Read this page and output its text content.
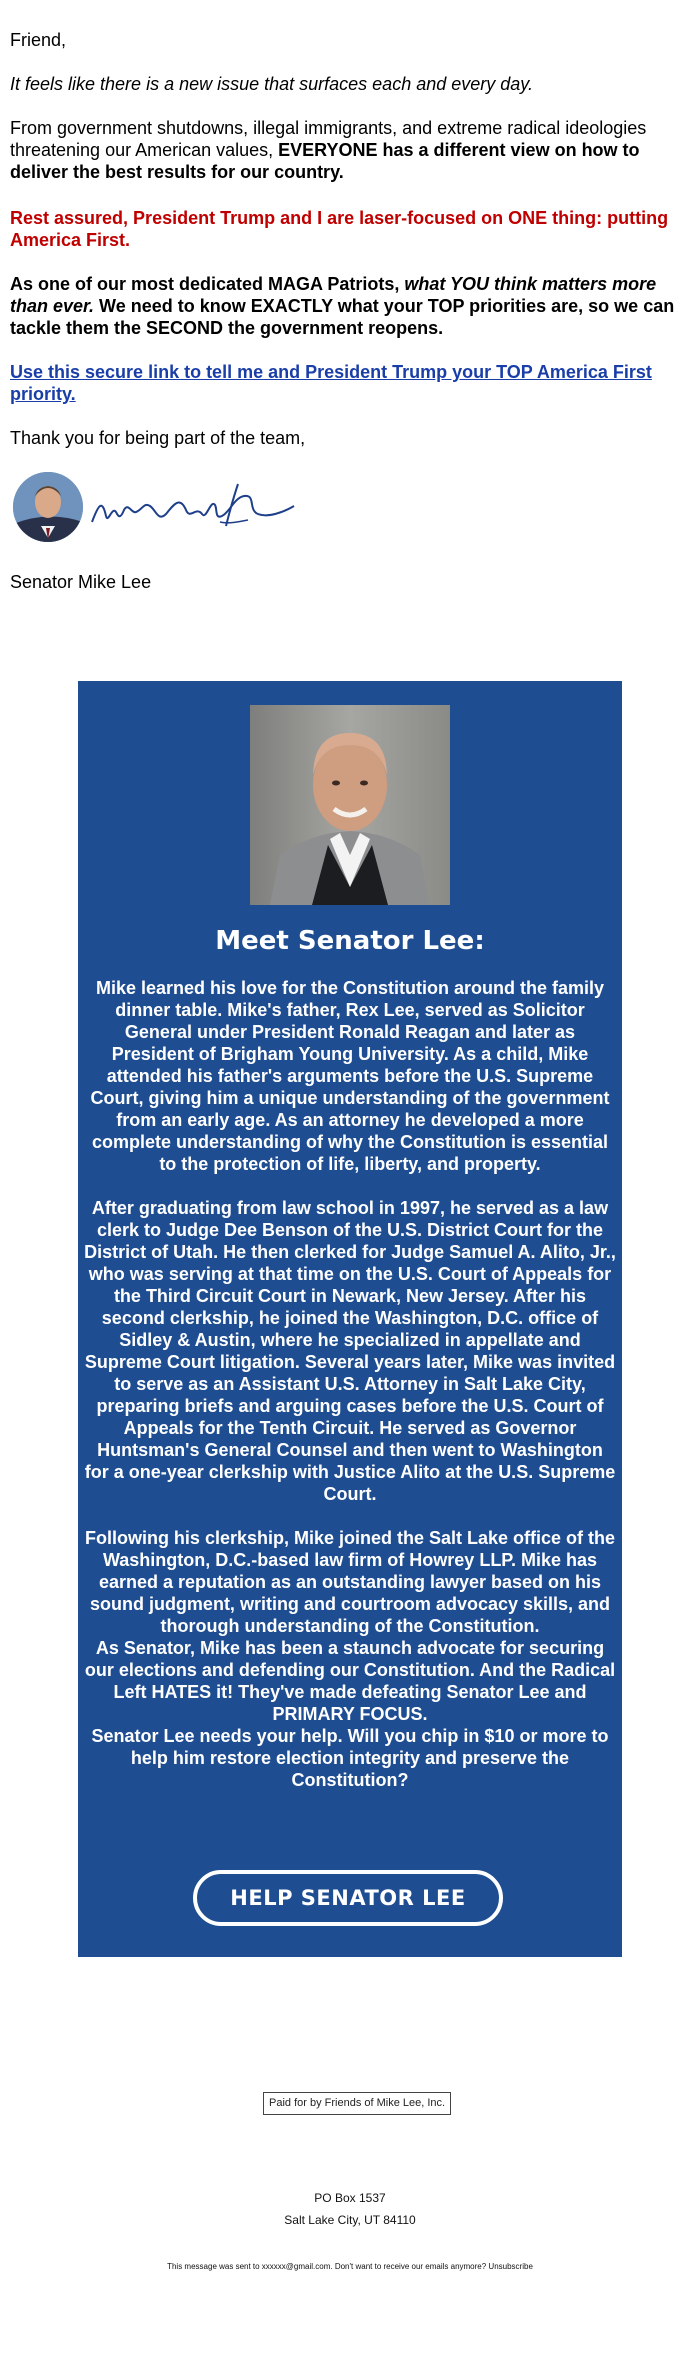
Friend,

It feels like there is a new issue that surfaces each and every day.

From government shutdowns, illegal immigrants, and extreme radical ideologies threatening our American values, EVERYONE has a different view on how to deliver the best results for our country.

Rest assured, President Trump and I are laser-focused on ONE thing: putting America First.

As one of our most dedicated MAGA Patriots, what YOU think matters more than ever. We need to know EXACTLY what your TOP priorities are, so we can tackle them the SECOND the government reopens.

Use this secure link to tell me and President Trump your TOP America First priority.

Thank you for being part of the team,

Senator Mike Lee

Meet Senator Lee:

Mike learned his love for the Constitution around the family dinner table. Mike's father, Rex Lee, served as Solicitor General under President Ronald Reagan and later as President of Brigham Young University. As a child, Mike attended his father's arguments before the U.S. Supreme Court, giving him a unique understanding of the government from an early age. As an attorney he developed a more complete understanding of why the Constitution is essential to the protection of life, liberty, and property.

After graduating from law school in 1997, he served as a law clerk to Judge Dee Benson of the U.S. District Court for the District of Utah. He then clerked for Judge Samuel A. Alito, Jr., who was serving at that time on the U.S. Court of Appeals for the Third Circuit Court in Newark, New Jersey. After his second clerkship, he joined the Washington, D.C. office of Sidley & Austin, where he specialized in appellate and Supreme Court litigation. Several years later, Mike was invited to serve as an Assistant U.S. Attorney in Salt Lake City, preparing briefs and arguing cases before the U.S. Court of Appeals for the Tenth Circuit. He served as Governor Huntsman's General Counsel and then went to Washington for a one-year clerkship with Justice Alito at the U.S. Supreme Court.

Following his clerkship, Mike joined the Salt Lake office of the Washington, D.C.-based law firm of Howrey LLP. Mike has earned a reputation as an outstanding lawyer based on his sound judgment, writing and courtroom advocacy skills, and thorough understanding of the Constitution.

As Senator, Mike has been a staunch advocate for securing our elections and defending our Constitution. And the Radical Left HATES it! They've made defeating Senator Lee and PRIMARY FOCUS.

Senator Lee needs your help. Will you chip in $10 or more to help him restore election integrity and preserve the Constitution?

HELP SENATOR LEE
Paid for by Friends of Mike Lee, Inc.
PO Box 1537
Salt Lake City, UT 84110
This message was sent to xxxxxx@gmail.com. Don't want to receive our emails anymore? Unsubscribe
